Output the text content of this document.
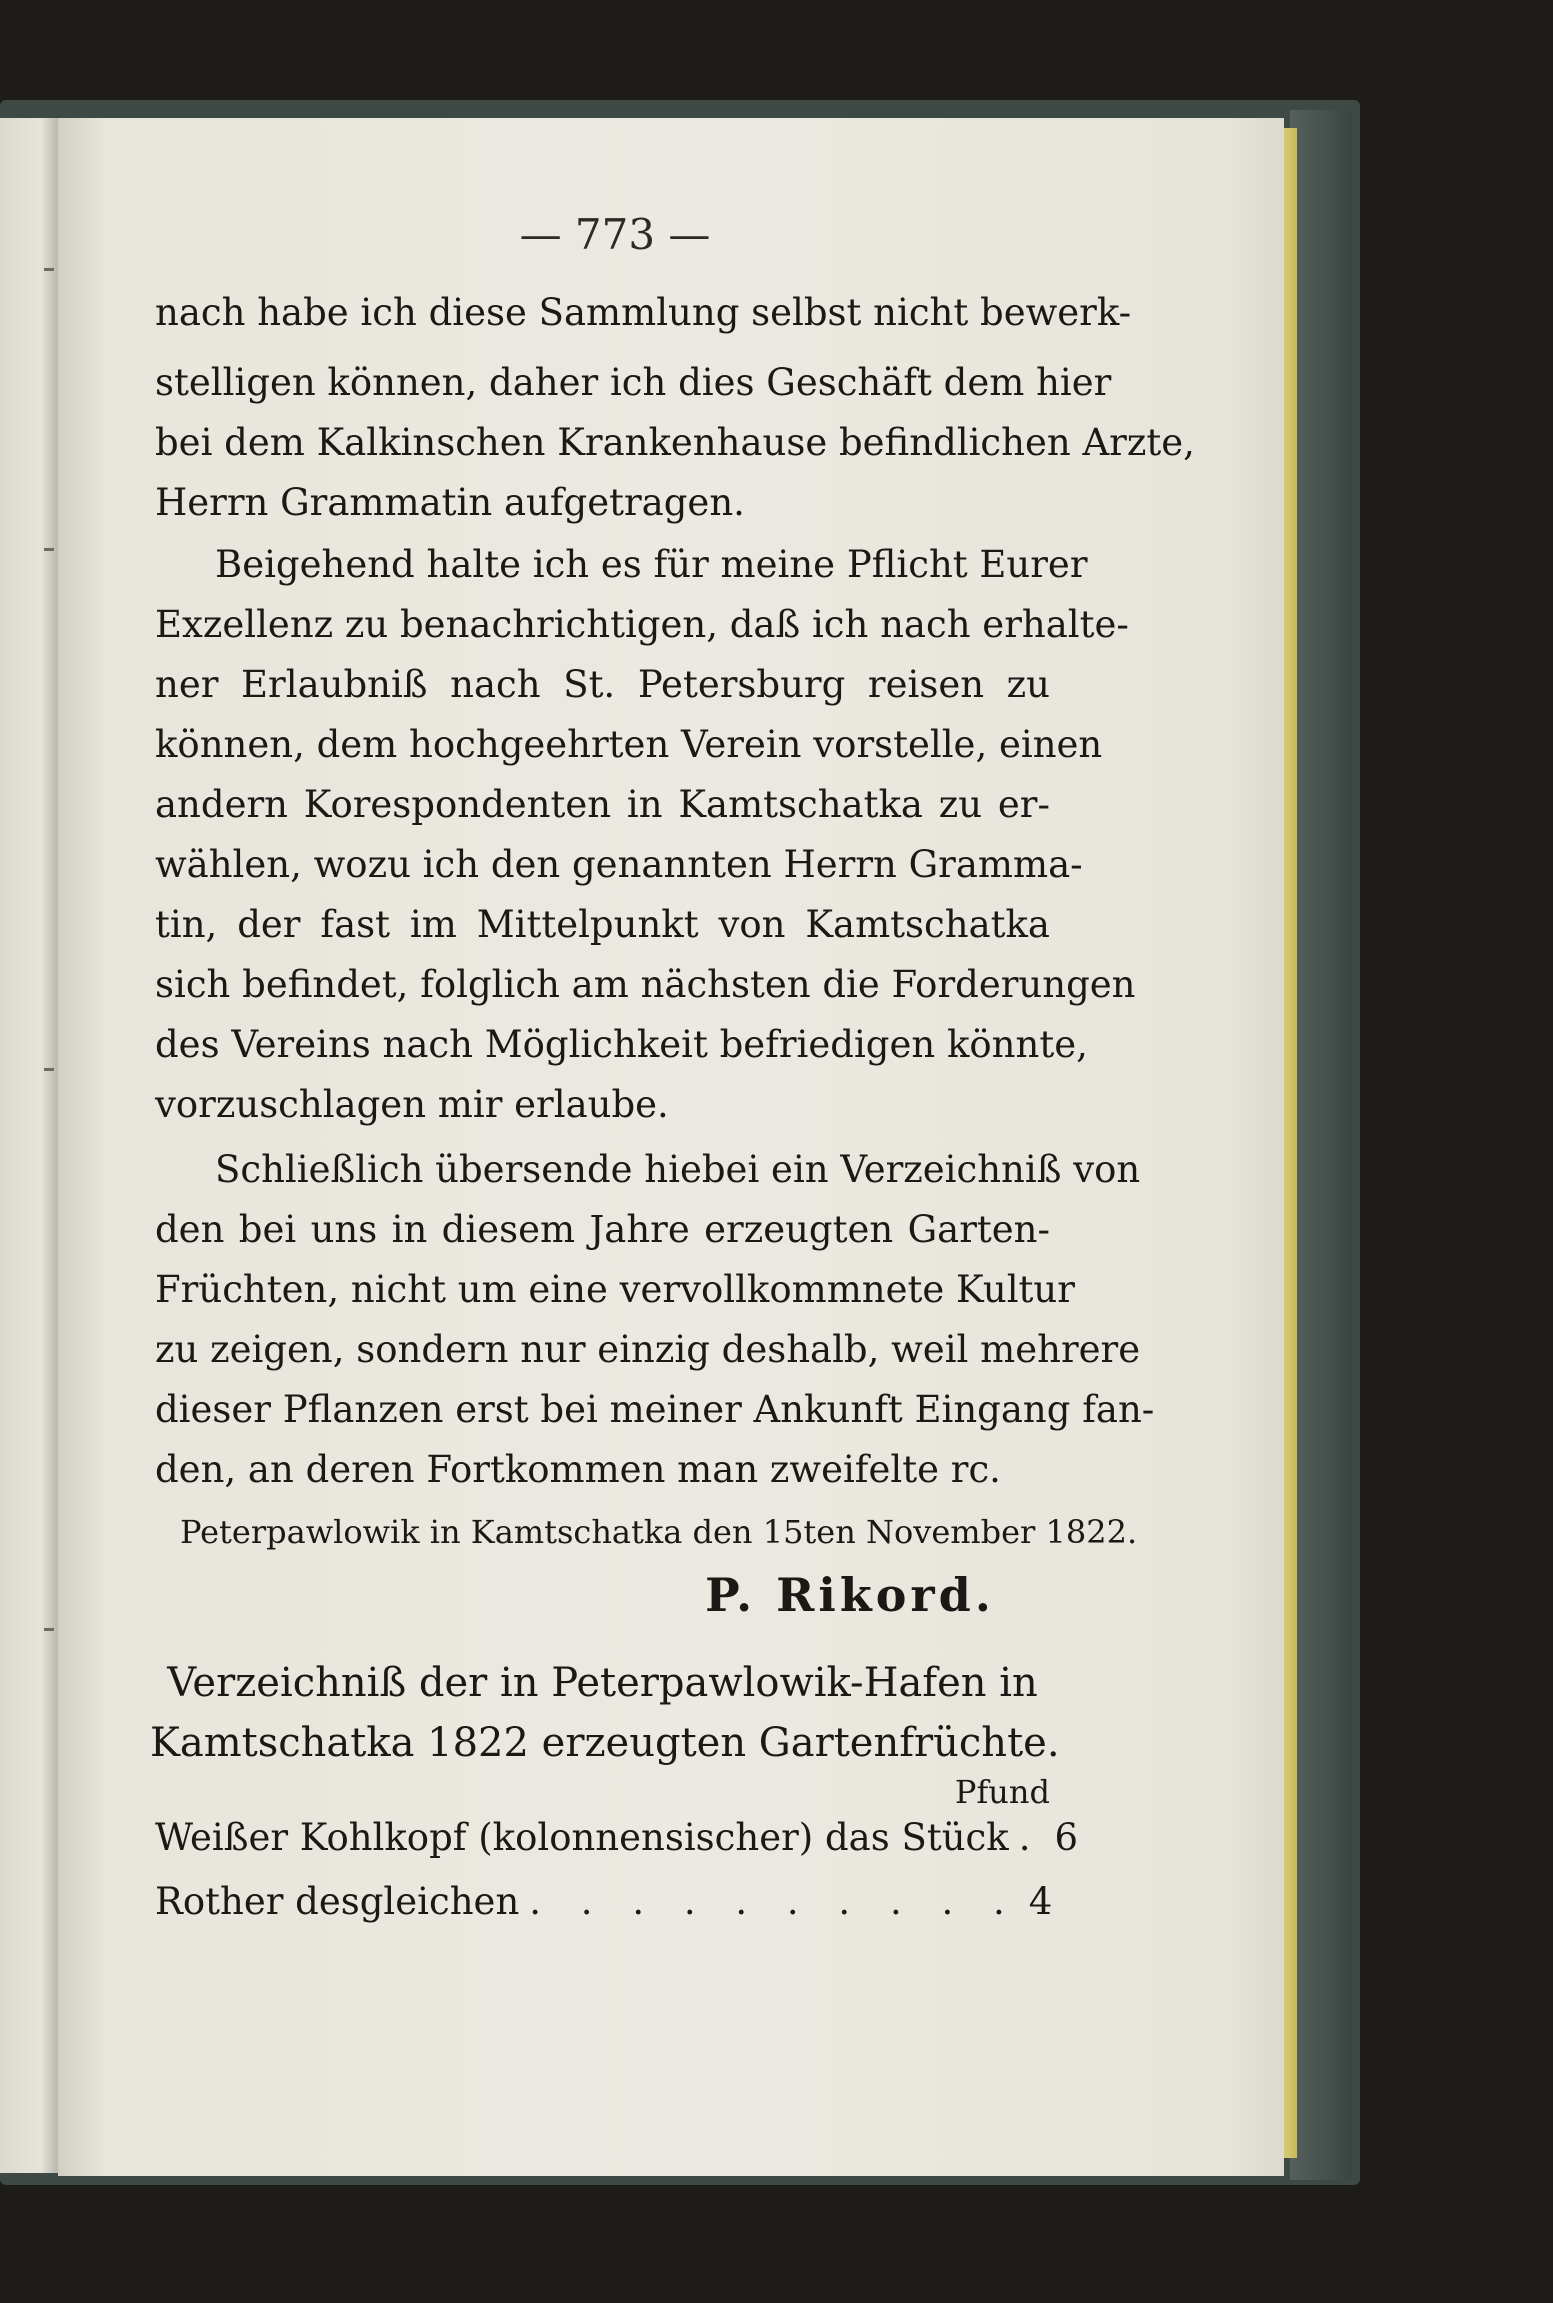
— 773 —
nach habe ich diese Sammlung selbst nicht bewerk-
stelligen können, daher ich dies Geschäft dem hier
bei dem Kalkinschen Krankenhause befindlichen Arzte,
Herrn Grammatin aufgetragen.
Beigehend halte ich es für meine Pflicht Eurer
Exzellenz zu benachrichtigen, daß ich nach erhalte-
ner Erlaubniß nach St. Petersburg reisen zu
können, dem hochgeehrten Verein vorstelle, einen
andern Korespondenten in Kamtschatka zu er-
wählen, wozu ich den genannten Herrn Gramma-
tin, der fast im Mittelpunkt von Kamtschatka
sich befindet, folglich am nächsten die Forderungen
des Vereins nach Möglichkeit befriedigen könnte,
vorzuschlagen mir erlaube.
Schließlich übersende hiebei ein Verzeichniß von
den bei uns in diesem Jahre erzeugten Garten-
Früchten, nicht um eine vervollkommnete Kultur
zu zeigen, sondern nur einzig deshalb, weil mehrere
dieser Pflanzen erst bei meiner Ankunft Eingang fan-
den, an deren Fortkommen man zweifelte rc.
Peterpawlowik in Kamtschatka den 15ten November 1822.
P. Rikord.
Verzeichniß der in Peterpawlowik-Hafen in
Kamtschatka 1822 erzeugten Gartenfrüchte.
Pfund
Weißer Kohlkopf (kolonnensischer) das Stück . 6
Rother desgleichen . . . . . . . . . . 4
